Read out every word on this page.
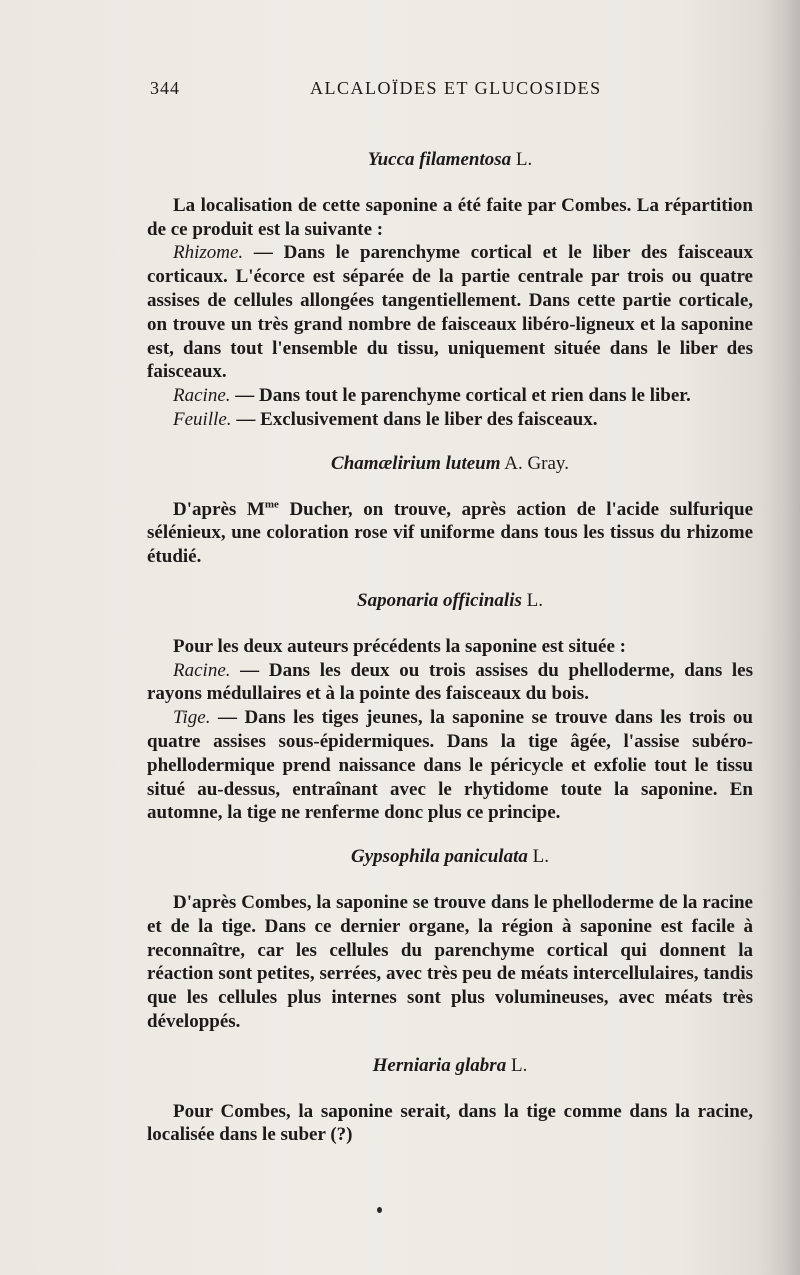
344	ALCALOÏDES ET GLUCOSIDES

Yucca filamentosa L.

La localisation de cette saponine a été faite par Combes. La répartition de ce produit est la suivante :

Rhizome. — Dans le parenchyme cortical et le liber des faisceaux corticaux. L'écorce est séparée de la partie centrale par trois ou quatre assises de cellules allongées tangentiellement. Dans cette partie corticale, on trouve un très grand nombre de faisceaux libéro-ligneux et la saponine est, dans tout l'ensemble du tissu, uniquement située dans le liber des faisceaux.

Racine. — Dans tout le parenchyme cortical et rien dans le liber.

Feuille. — Exclusivement dans le liber des faisceaux.

Chamælirium luteum A. Gray.

D'après $M^{me}$ Ducher, on trouve, après action de l'acide sulfurique sélénieux, une coloration rose vif uniforme dans tous les tissus du rhizome étudié.

Saponaria officinalis L.

Pour les deux auteurs précédents la saponine est située :

Racine. — Dans les deux ou trois assises du phelloderme, dans les rayons médullaires et à la pointe des faisceaux du bois.

Tige. — Dans les tiges jeunes, la saponine se trouve dans les trois ou quatre assises sous-épidermiques. Dans la tige âgée, l'assise subéro-phellodermique prend naissance dans le péricycle et exfolie tout le tissu situé au-dessus, entraînant avec le rhytidome toute la saponine. En automne, la tige ne renferme donc plus ce principe.

Gypsophila paniculata L.

D'après Combes, la saponine se trouve dans le phelloderme de la racine et de la tige. Dans ce dernier organe, la région à saponine est facile à reconnaître, car les cellules du parenchyme cortical qui donnent la réaction sont petites, serrées, avec très peu de méats intercellulaires, tandis que les cellules plus internes sont plus volumineuses, avec méats très développés.

Herniaria glabra L.

Pour Combes, la saponine serait, dans la tige comme dans la racine, localisée dans le suber (?)
